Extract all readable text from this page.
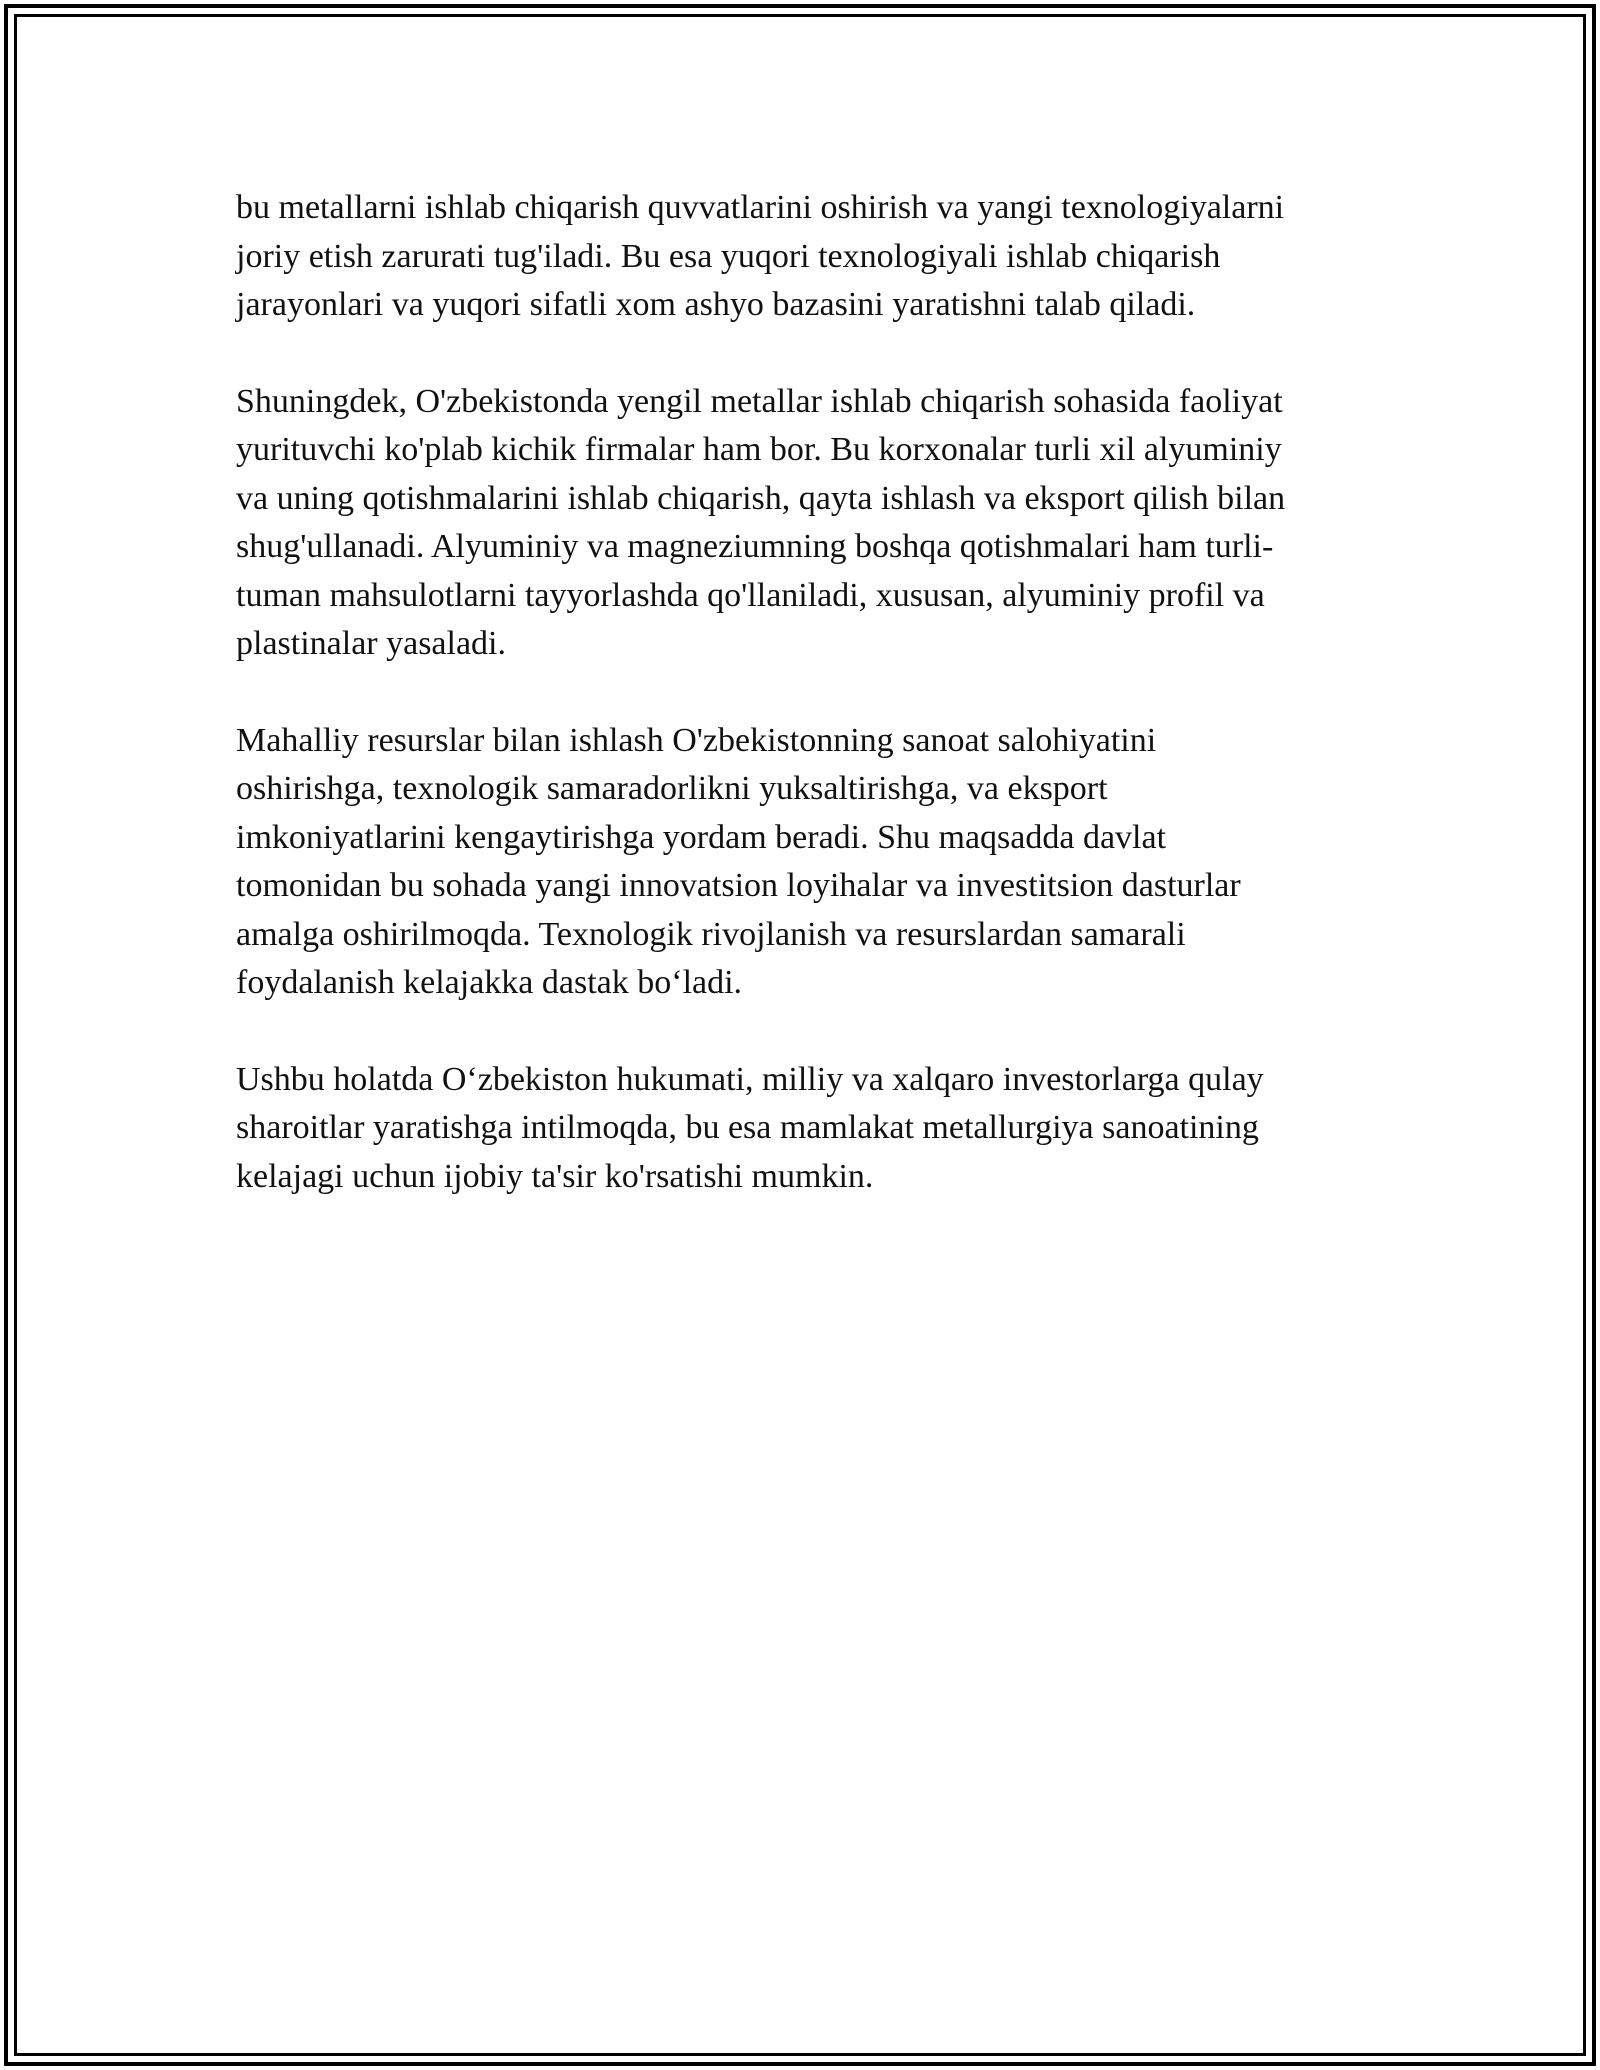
bu metallarni ishlab chiqarish quvvatlarini oshirish va yangi texnologiyalarni
joriy etish zarurati tug'iladi. Bu esa yuqori texnologiyali ishlab chiqarish
jarayonlari va yuqori sifatli xom ashyo bazasini yaratishni talab qiladi.

Shuningdek, O'zbekistonda yengil metallar ishlab chiqarish sohasida faoliyat
yurituvchi ko'plab kichik firmalar ham bor. Bu korxonalar turli xil alyuminiy
va uning qotishmalarini ishlab chiqarish, qayta ishlash va eksport qilish bilan
shug'ullanadi. Alyuminiy va magneziumning boshqa qotishmalari ham turli-
tuman mahsulotlarni tayyorlashda qo'llaniladi, xususan, alyuminiy profil va
plastinalar yasaladi.

Mahalliy resurslar bilan ishlash O'zbekistonning sanoat salohiyatini
oshirishga, texnologik samaradorlikni yuksaltirishga, va eksport
imkoniyatlarini kengaytirishga yordam beradi. Shu maqsadda davlat
tomonidan bu sohada yangi innovatsion loyihalar va investitsion dasturlar
amalga oshirilmoqda. Texnologik rivojlanish va resurslardan samarali
foydalanish kelajakka dastak bo‘ladi.

Ushbu holatda O‘zbekiston hukumati, milliy va xalqaro investorlarga qulay
sharoitlar yaratishga intilmoqda, bu esa mamlakat metallurgiya sanoatining
kelajagi uchun ijobiy ta'sir ko'rsatishi mumkin.
